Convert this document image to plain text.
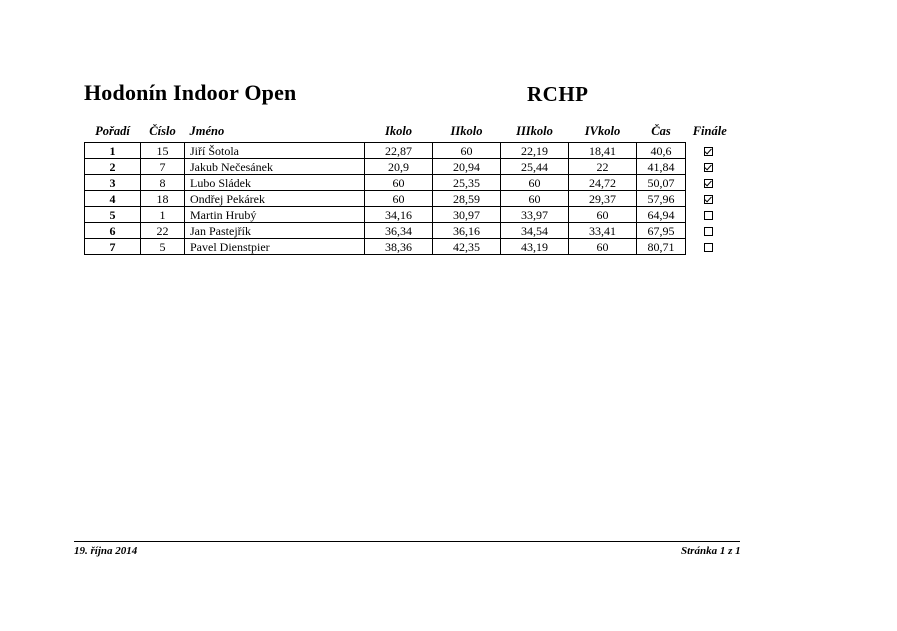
Hodonín Indoor Open	RCHP
Pořadí	Číslo	Jméno	Ikolo	IIkolo	IIIkolo	IVkolo	Čas	Finále
1	15	Jiří Šotola	22,87	60	22,19	18,41	40,6	
2	7	Jakub Nečesánek	20,9	20,94	25,44	22	41,84	
3	8	Lubo Sládek	60	25,35	60	24,72	50,07	
4	18	Ondřej Pekárek	60	28,59	60	29,37	57,96	
5	1	Martin Hrubý	34,16	30,97	33,97	60	64,94	
6	22	Jan Pastejřík	36,34	36,16	34,54	33,41	67,95	
7	5	Pavel Dienstpier	38,36	42,35	43,19	60	80,71	
19. října 2014	Stránka 1 z 1
